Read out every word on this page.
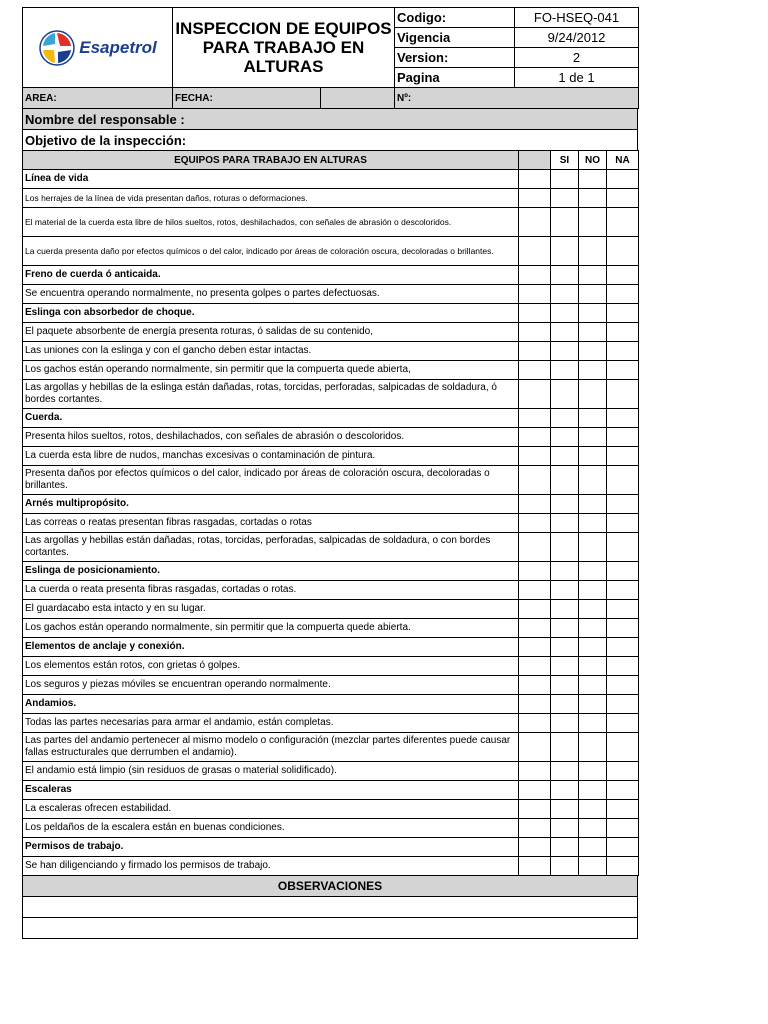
Esapetrol	INSPECCION DE EQUIPOS PARA TRABAJO EN ALTURAS	Codigo:	FO-HSEQ-041
		Vigencia	9/24/2012
		Version:	2
		Pagina	1 de 1
AREA:	FECHA:		Nº:
Nombre del responsable :
Objetivo de la inspección:
EQUIPOS PARA TRABAJO EN ALTURAS		SI	NO	NA
Línea de vida				
Los herrajes de la línea de vida presentan daños, roturas o deformaciones.				
El material de la cuerda esta libre de hilos sueltos, rotos, deshilachados, con señales de abrasión o descoloridos.				
La cuerda presenta daño por efectos químicos o del calor, indicado por áreas de coloración oscura, decoloradas o brillantes.				
Freno de cuerda ó anticaida.				
Se encuentra operando normalmente, no presenta golpes o partes defectuosas.				
Eslinga con absorbedor de choque.				
El paquete absorbente de energía presenta roturas, ó salidas de su contenido,				
Las uniones con la eslinga y con el gancho deben estar intactas.				
Los gachos están operando normalmente, sin permitir que la compuerta quede abierta,				
Las argollas y hebillas de la eslinga están dañadas, rotas, torcidas, perforadas, salpicadas de soldadura, ó bordes cortantes.				
Cuerda.				
Presenta hilos sueltos, rotos, deshilachados, con señales de abrasión o descoloridos.				
La cuerda esta libre de nudos, manchas excesivas o contaminación de pintura.				
Presenta daños por efectos químicos o del calor, indicado por áreas de coloración oscura, decoloradas o brillantes.				
Arnés multipropósito.				
Las correas o reatas presentan fibras rasgadas, cortadas o rotas				
Las argollas y hebillas están dañadas, rotas, torcidas, perforadas, salpicadas de soldadura, o con bordes cortantes.				
Eslinga de posicionamiento.				
La cuerda o reata presenta fibras rasgadas, cortadas o rotas.				
El guardacabo esta intacto y en su lugar.				
Los gachos están operando normalmente, sin permitir que la compuerta quede abierta.				
Elementos de anclaje y conexión.				
Los elementos están rotos, con grietas ó golpes.				
Los seguros y piezas móviles se encuentran operando normalmente.				
Andamios.				
Todas las partes necesarias para armar el andamio, están completas.				
Las partes del andamio pertenecer al mismo modelo o configuración (mezclar partes diferentes puede causar fallas estructurales que derrumben el andamio).				
El andamio está limpio (sin residuos de grasas o material solidificado).				
Escaleras				
La escaleras ofrecen estabilidad.				
Los peldaños de la escalera están en buenas condiciones.				
Permisos de trabajo.				
Se han diligenciando y firmado los permisos de trabajo.				
OBSERVACIONES
